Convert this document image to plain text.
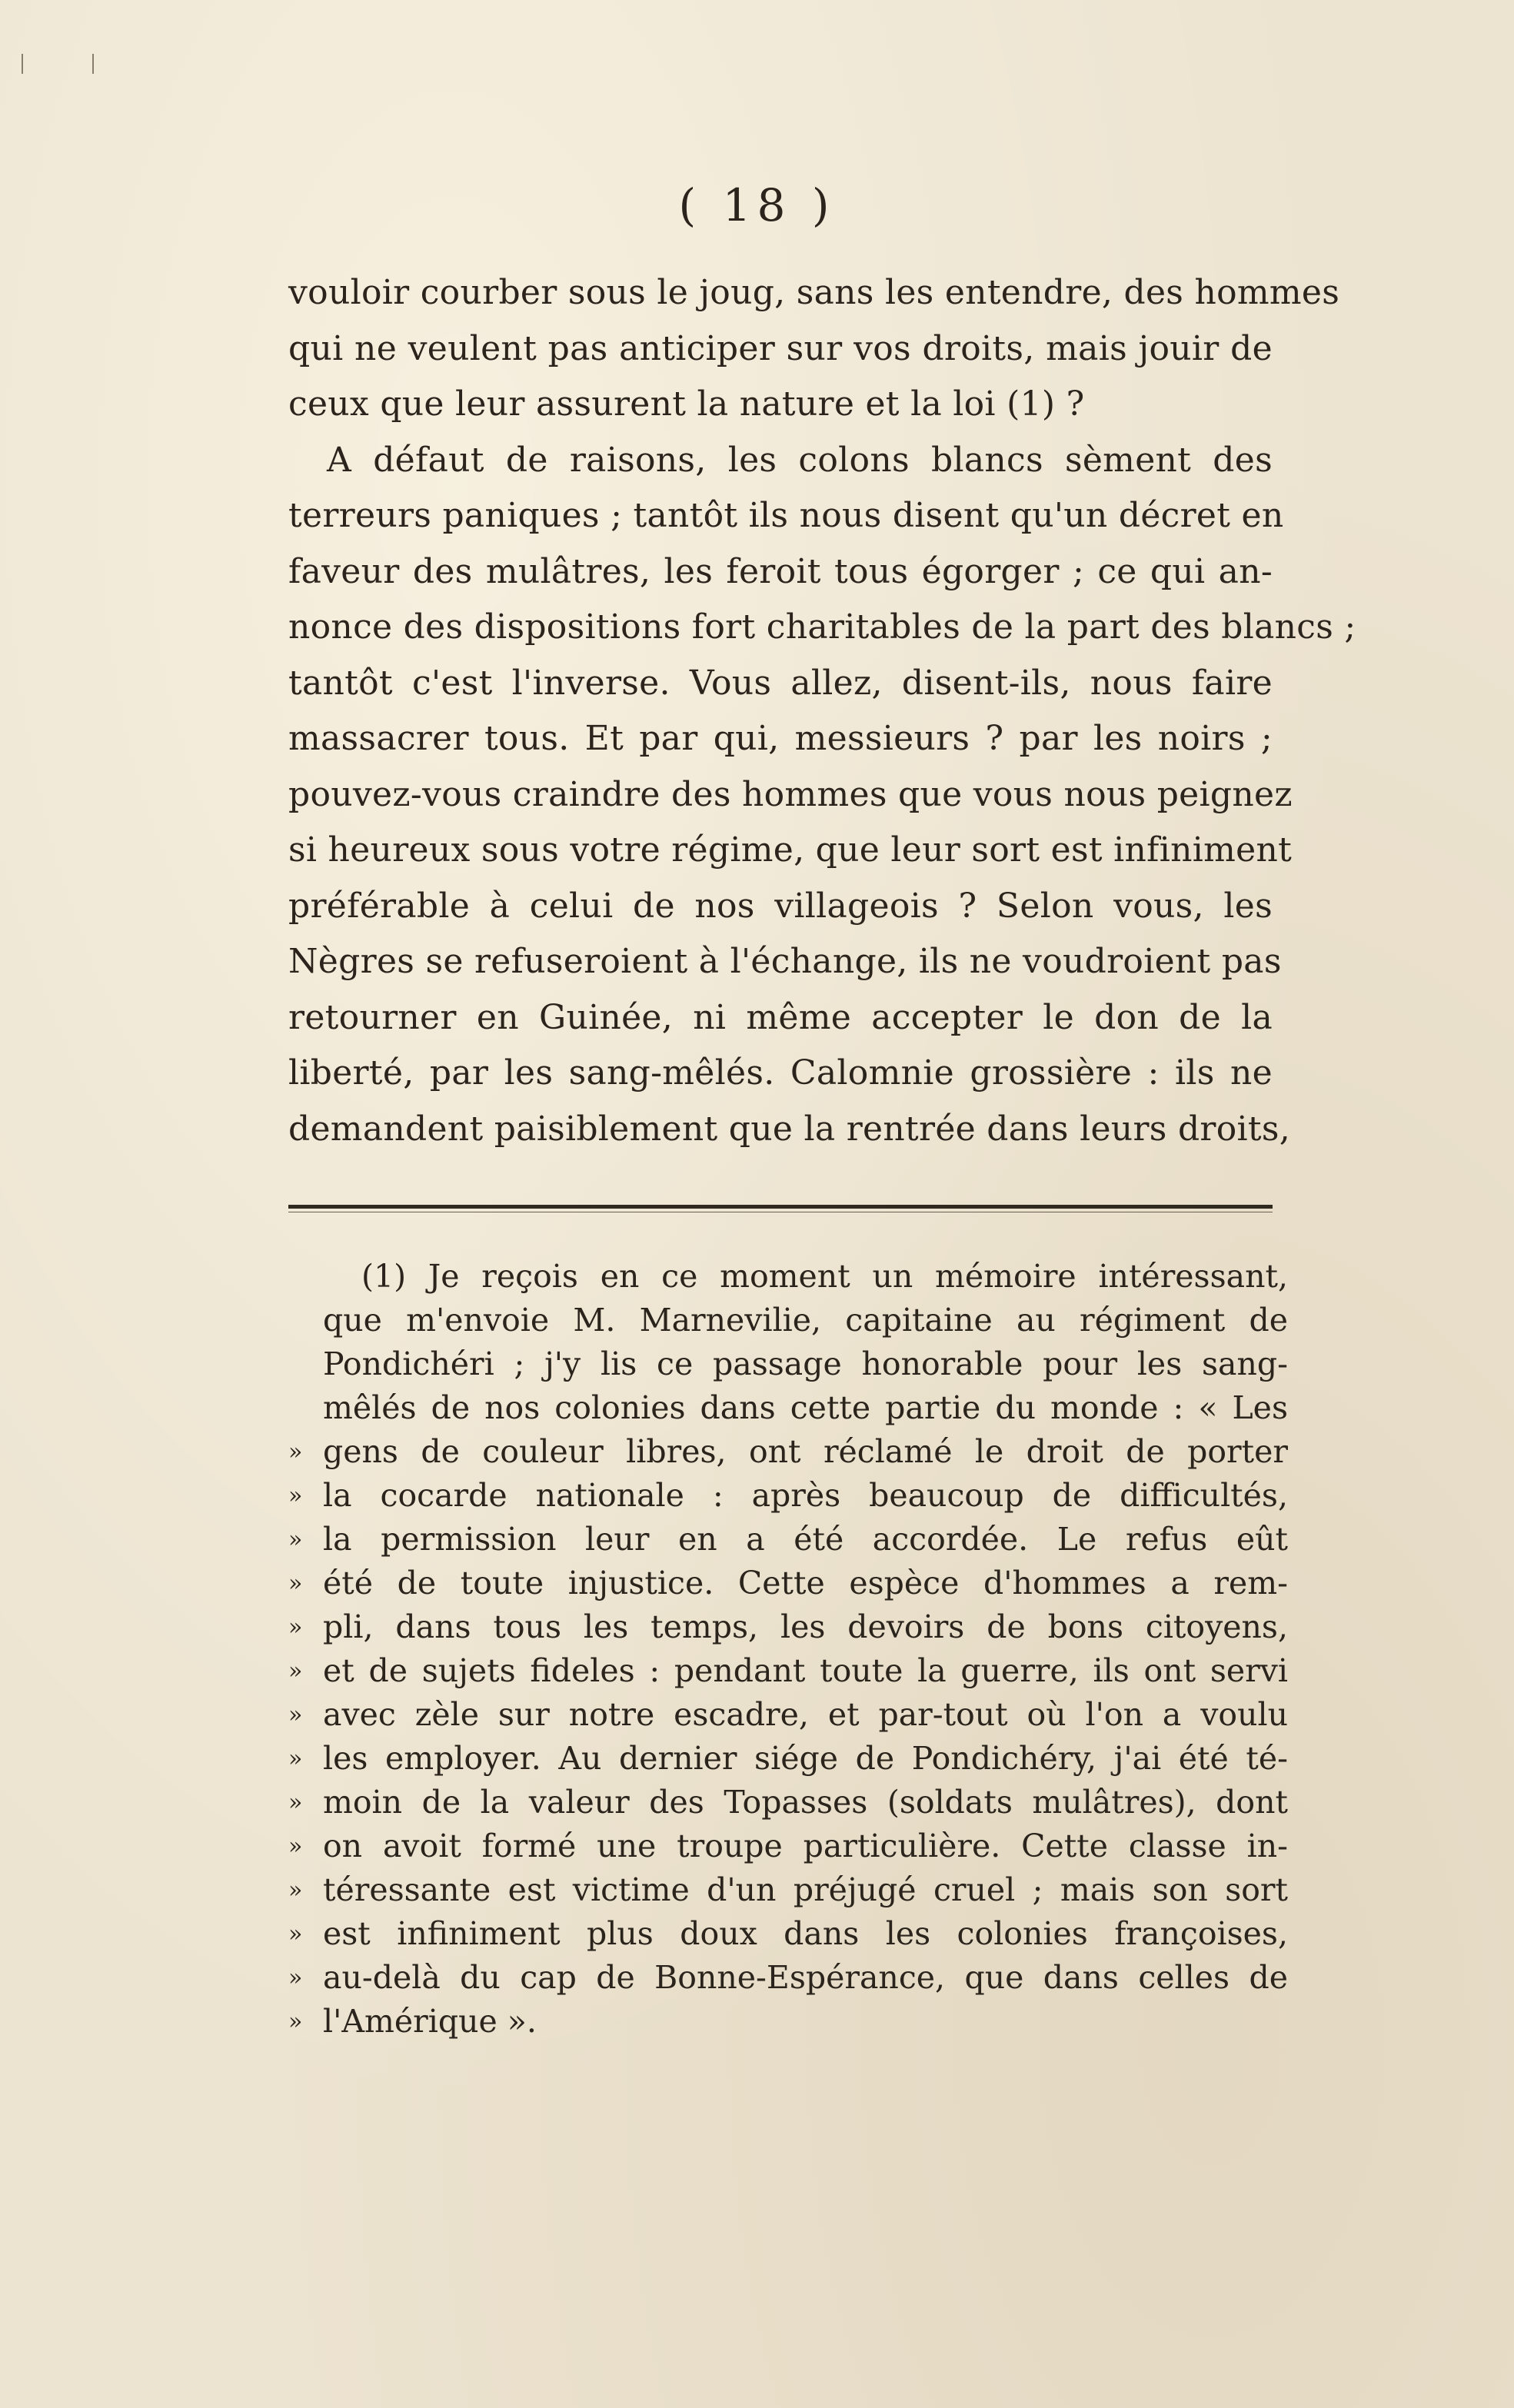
( 18 )
vouloir courber sous le joug, sans les entendre, des hommes
qui ne veulent pas anticiper sur vos droits, mais jouir de
ceux que leur assurent la nature et la loi (1) ?
A défaut de raisons, les colons blancs sèment des
terreurs paniques ; tantôt ils nous disent qu'un décret en
faveur des mulâtres, les feroit tous égorger ; ce qui an-
nonce des dispositions fort charitables de la part des blancs ;
tantôt c'est l'inverse. Vous allez, disent-ils, nous faire
massacrer tous. Et par qui, messieurs ? par les noirs ;
pouvez-vous craindre des hommes que vous nous peignez
si heureux sous votre régime, que leur sort est infiniment
préférable à celui de nos villageois ? Selon vous, les
Nègres se refuseroient à l'échange, ils ne voudroient pas
retourner en Guinée, ni même accepter le don de la
liberté, par les sang-mêlés. Calomnie grossière : ils ne
demandent paisiblement que la rentrée dans leurs droits,
(1) Je reçois en ce moment un mémoire intéressant,
que m'envoie M. Marnevilie, capitaine au régiment de
Pondichéri ; j'y lis ce passage honorable pour les sang-
mêlés de nos colonies dans cette partie du monde : « Les
» gens de couleur libres, ont réclamé le droit de porter
» la cocarde nationale : après beaucoup de difficultés,
» la permission leur en a été accordée. Le refus eût
» été de toute injustice. Cette espèce d'hommes a rem-
» pli, dans tous les temps, les devoirs de bons citoyens,
» et de sujets fideles : pendant toute la guerre, ils ont servi
» avec zèle sur notre escadre, et par-tout où l'on a voulu
» les employer. Au dernier siége de Pondichéry, j'ai été té-
» moin de la valeur des Topasses (soldats mulâtres), dont
» on avoit formé une troupe particulière. Cette classe in-
» téressante est victime d'un préjugé cruel ; mais son sort
» est infiniment plus doux dans les colonies françoises,
» au-delà du cap de Bonne-Espérance, que dans celles de
» l'Amérique ».
